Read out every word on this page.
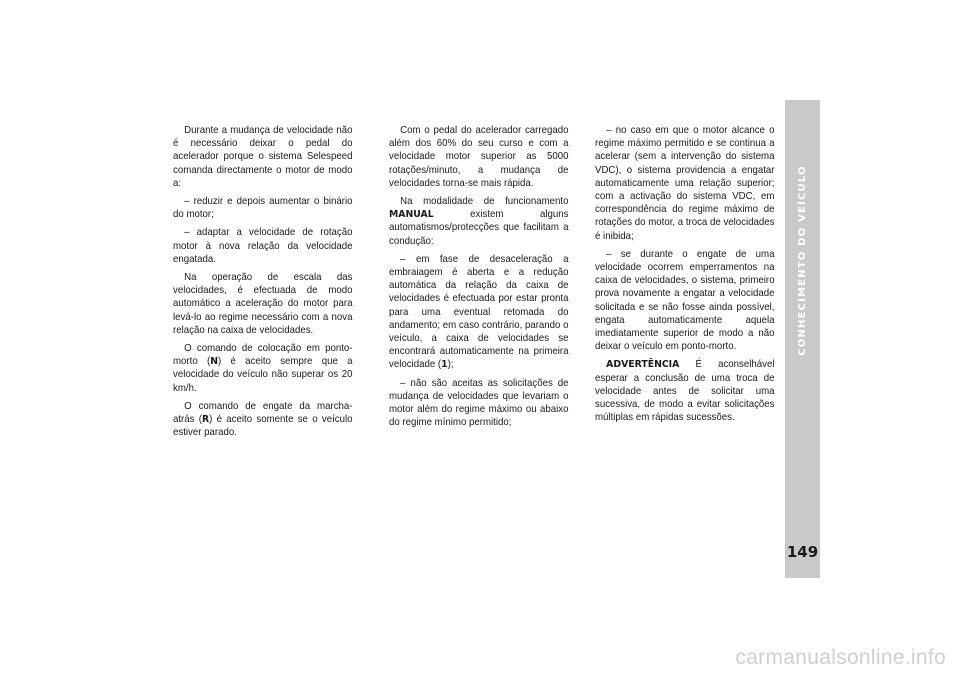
Durante a mudança de velocidade não é necessário deixar o pedal do acelerador porque o sistema Selespeed comanda directamente o motor de modo a:

– reduzir e depois aumentar o binário do motor;

– adaptar a velocidade de rotação motor à nova relação da velocidade engatada.

Na operação de escala das velocidades, é efectuada de modo automático a aceleração do motor para levá-lo ao regime necessário com a nova relação na caixa de velocidades.

O comando de colocação em ponto-morto (N) é aceito sempre que a velocidade do veículo não superar os 20 km/h.

O comando de engate da marcha-atrás (R) é aceito somente se o veículo estiver parado.

Com o pedal do acelerador carregado além dos 60% do seu curso e com a velocidade motor superior as 5000 rotações/minuto, a mudança de velocidades torna-se mais rápida.

Na modalidade de funcionamento MANUAL existem alguns automatismos/protecções que facilitam a condução:

– em fase de desaceleração a embraiagem é aberta e a redução automática da relação da caixa de velocidades é efectuada por estar pronta para uma eventual retomada do andamento; em caso contrário, parando o veículo, a caixa de velocidades se encontrará automaticamente na primeira velocidade (1);

– não são aceitas as solicitações de mudança de velocidades que levariam o motor além do regime máximo ou abaixo do regime mínimo permitido;

– no caso em que o motor alcance o regime máximo permitido e se continua a acelerar (sem a intervenção do sistema VDC), o sistema providencia a engatar automaticamente uma relação superior; com a activação do sistema VDC, em correspondência do regime máximo de rotações do motor, a troca de velocidades é inibida;

– se durante o engate de uma velocidade ocorrem emperramentos na caixa de velocidades, o sistema, primeiro prova novamente a engatar a velocidade solicitada e se não fosse ainda possível, engata automaticamente aquela imediatamente superior de modo a não deixar o veículo em ponto-morto.

ADVERTÊNCIA É aconselhável esperar a conclusão de uma troca de velocidade antes de solicitar uma sucessiva, de modo a evitar solicitações múltiplas em rápidas sucessões.

CONHECIMENTO DO VEÍCULO
149
carmanualsonline.info
